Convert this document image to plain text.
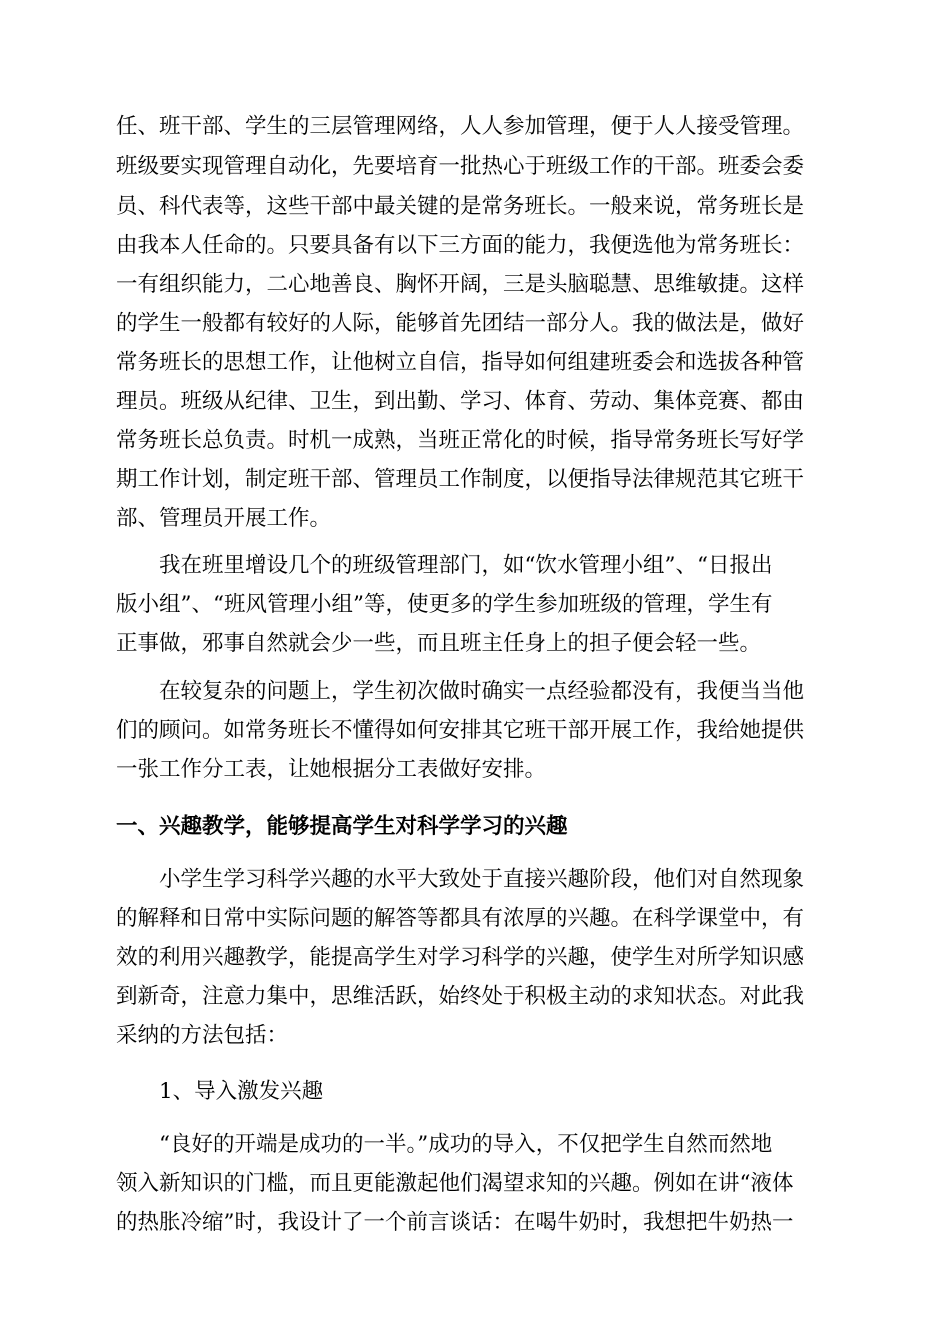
任、班干部、学生的三层管理网络，人人参加管理，便于人人接受管理。
班级要实现管理自动化，先要培育一批热心于班级工作的干部。班委会委
员、科代表等，这些干部中最关键的是常务班长。一般来说，常务班长是
由我本人任命的。只要具备有以下三方面的能力，我便选他为常务班长：
一有组织能力，二心地善良、胸怀开阔，三是头脑聪慧、思维敏捷。这样
的学生一般都有较好的人际，能够首先团结一部分人。我的做法是，做好
常务班长的思想工作，让他树立自信，指导如何组建班委会和选拔各种管
理员。班级从纪律、卫生，到出勤、学习、体育、劳动、集体竞赛、都由
常务班长总负责。时机一成熟，当班正常化的时候，指导常务班长写好学
期工作计划，制定班干部、管理员工作制度，以便指导法律规范其它班干
部、管理员开展工作。
　　我在班里增设几个的班级管理部门，如“饮水管理小组”、“日报出
版小组”、“班风管理小组”等，使更多的学生参加班级的管理，学生有
正事做，邪事自然就会少一些，而且班主任身上的担子便会轻一些。
　　在较复杂的问题上，学生初次做时确实一点经验都没有，我便当当他
们的顾问。如常务班长不懂得如何安排其它班干部开展工作，我给她提供
一张工作分工表，让她根据分工表做好安排。
一、兴趣教学，能够提高学生对科学学习的兴趣
　　小学生学习科学兴趣的水平大致处于直接兴趣阶段，他们对自然现象
的解释和日常中实际问题的解答等都具有浓厚的兴趣。在科学课堂中，有
效的利用兴趣教学，能提高学生对学习科学的兴趣，使学生对所学知识感
到新奇，注意力集中，思维活跃，始终处于积极主动的求知状态。对此我
采纳的方法包括：
　　1、导入激发兴趣
　　“良好的开端是成功的一半。”成功的导入，不仅把学生自然而然地
领入新知识的门槛，而且更能激起他们渴望求知的兴趣。例如在讲“液体
的热胀冷缩”时，我设计了一个前言谈话：在喝牛奶时，我想把牛奶热一
